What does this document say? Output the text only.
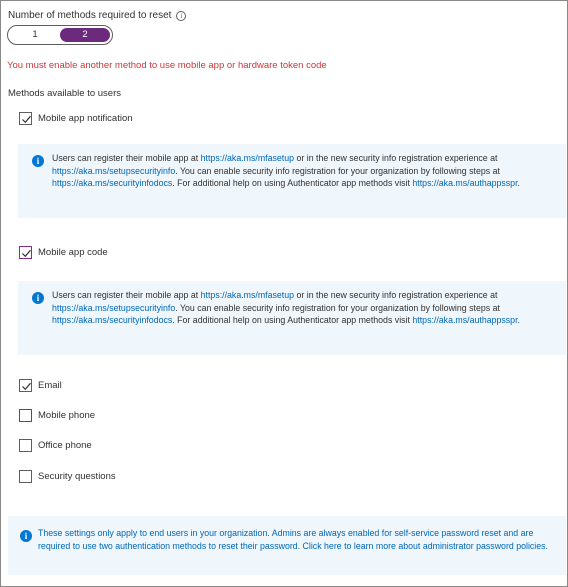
Number of methods required to reset	i
1	2
You must enable another method to use mobile app or hardware token code
Methods available to users
Mobile app notification
i	Users can register their mobile app at https://aka.ms/mfasetup or in the new security info registration experience at https://aka.ms/setupsecurityinfo. You can enable security info registration for your organization by following steps at https://aka.ms/securityinfodocs. For additional help on using Authenticator app methods visit https://aka.ms/authappsspr.
Mobile app code
i	Users can register their mobile app at https://aka.ms/mfasetup or in the new security info registration experience at https://aka.ms/setupsecurityinfo. You can enable security info registration for your organization by following steps at https://aka.ms/securityinfodocs. For additional help on using Authenticator app methods visit https://aka.ms/authappsspr.
Email
Mobile phone
Office phone
Security questions
i	These settings only apply to end users in your organization. Admins are always enabled for self-service password reset and are required to use two authentication methods to reset their password. Click here to learn more about administrator password policies.
